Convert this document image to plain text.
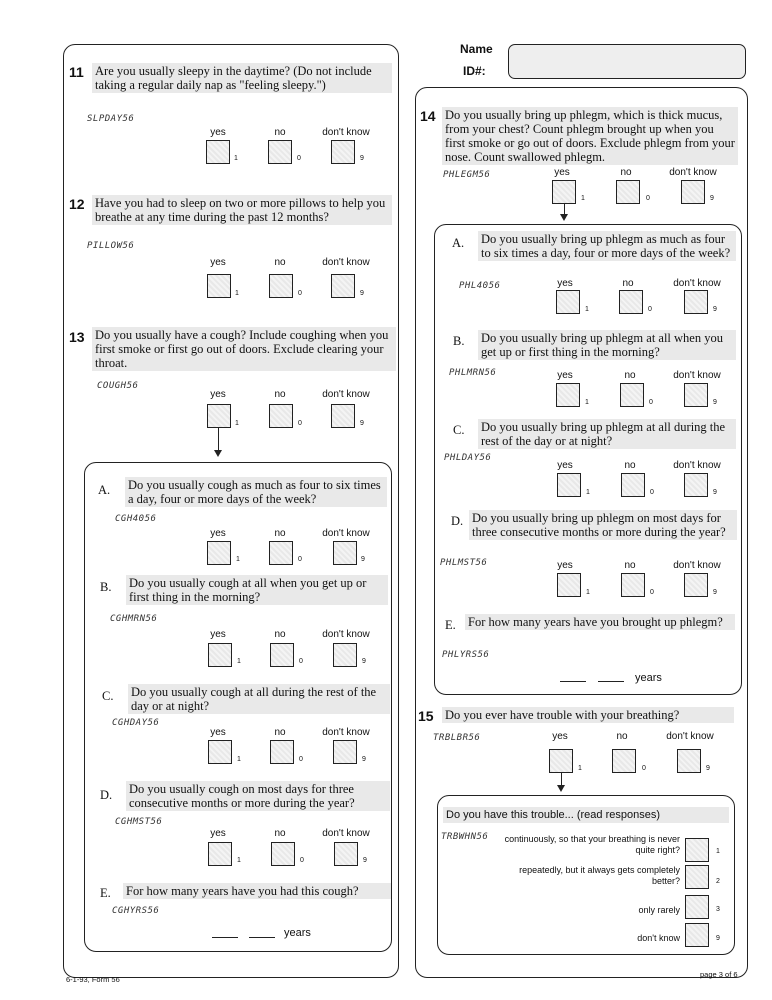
Name
ID#:
11 Are you usually sleepy in the daytime? (Do not include taking a regular daily nap as "feeling sleepy.")
SLPDAY56
yes	no	don't know
1	0	9
12 Have you had to sleep on two or more pillows to help you breathe at any time during the past 12 months?
PILLOW56
yes	no	don't know
1	0	9
13 Do you usually have a cough? Include coughing when you first smoke or first go out of doors. Exclude clearing your throat.
COUGH56
yes	no	don't know
1	0	9
A. Do you usually cough as much as four to six times a day, four or more days of the week?
CGH4056
yes	no	don't know
1	0	9
B. Do you usually cough at all when you get up or first thing in the morning?
CGHMRN56
yes	no	don't know
1	0	9
C. Do you usually cough at all during the rest of the day or at night?
CGHDAY56
yes	no	don't know
1	0	9
D. Do you usually cough on most days for three consecutive months or more during the year?
CGHMST56
yes	no	don't know
1	0	9
E. For how many years have you had this cough?
CGHYRS56
years
14 Do you usually bring up phlegm, which is thick mucus, from your chest? Count phlegm brought up when you first smoke or go out of doors. Exclude phlegm from your nose. Count swallowed phlegm.
PHLEGM56	yes	no	don't know
1	0	9
A. Do you usually bring up phlegm as much as four to six times a day, four or more days of the week?
PHL4056	yes	no	don't know
1	0	9
B. Do you usually bring up phlegm at all when you get up or first thing in the morning?
PHLMRN56	yes	no	don't know
1	0	9
C. Do you usually bring up phlegm at all during the rest of the day or at night?
PHLDAY56
yes	no	don't know
1	0	9
D. Do you usually bring up phlegm on most days for three consecutive months or more during the year?
PHLMST56	yes	no	don't know
1	0	9
E. For how many years have you brought up phlegm?
PHLYRS56
years
15 Do you ever have trouble with your breathing?
TRBLBR56	yes	no	don't know
1	0	9
Do you have this trouble... (read responses)
TRBWHN56	continuously, so that your breathing is never quite right?	1
repeatedly, but it always gets completely better?	2
only rarely	3
don't know	9
6-1-93, Form 56
page 3 of 6
